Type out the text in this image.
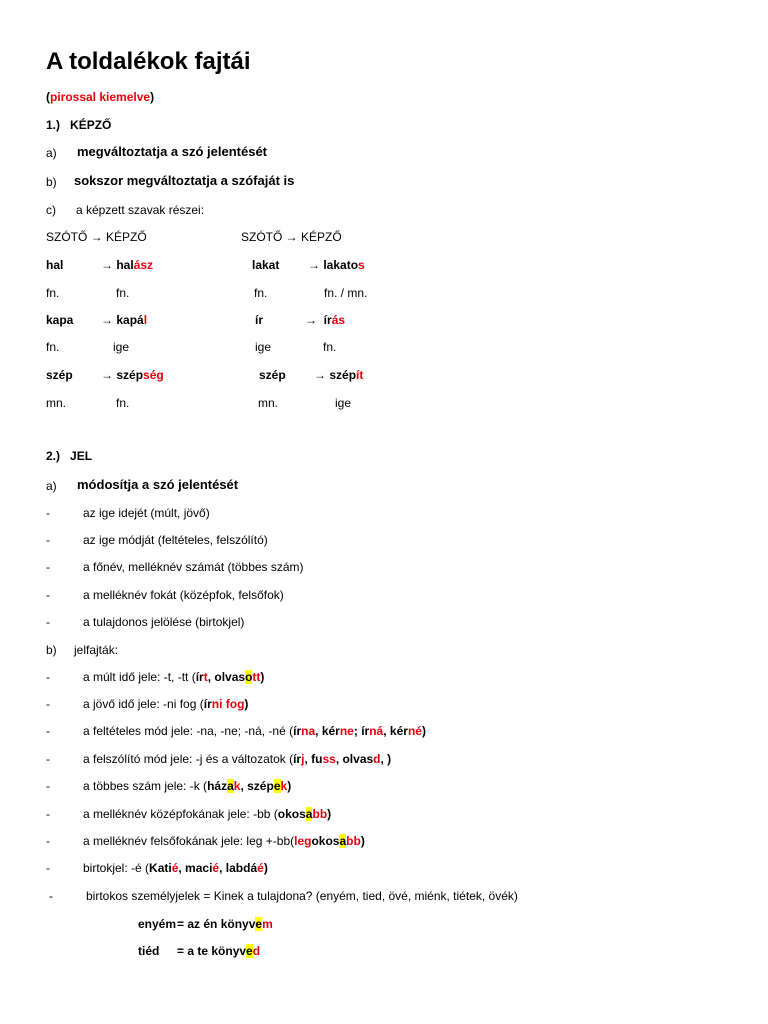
A toldalékok fajtái
(pirossal kiemelve)
1.) KÉPZŐ
a) megváltoztatja a szó jelentését
b) sokszor megváltoztatja a szófaját is
c) a képzett szavak részei:
SZÓTŐ → KÉPZŐ	SZÓTŐ → KÉPZŐ
hal	→ halász	lakat → lakatos
fn.	fn.	fn.	fn. / mn.
kapa → kapál	ír	→ írás
fn.	ige	ige	fn.
szép → szépség	szép → szépít
mn.	fn.	mn.	ige
2.) JEL
a) módosítja a szó jelentését
-	az ige idejét (múlt, jövő)
-	az ige módját (feltételes, felszólító)
-	a főnév, melléknév számát (többes szám)
-	a melléknév fokát (középfok, felsőfok)
-	a tulajdonos jelölése (birtokjel)
b) jelfajták:
-	a múlt idő jele: -t, -tt (írt, olvasott)
-	a jövő idő jele: -ni fog (írni fog)
-	a feltételes mód jele: -na, -ne; -ná, -né (írna, kérne; írná, kérné)
-	a felszólító mód jele: -j és a változatok (írj, fuss, olvasd, )
-	a többes szám jele: -k (házak, szépek)
-	a melléknév középfokának jele: -bb (okosabb)
-	a melléknév felsőfokának jele: leg +-bb(legokosabb)
-	birtokjel: -é (Katié, macié, labdáé)
-	birtokos személyjelek = Kinek a tulajdona? (enyém, tied, övé, miénk, tiétek, övék)
enyém = az én könyvem
tiéd = a te könyved
